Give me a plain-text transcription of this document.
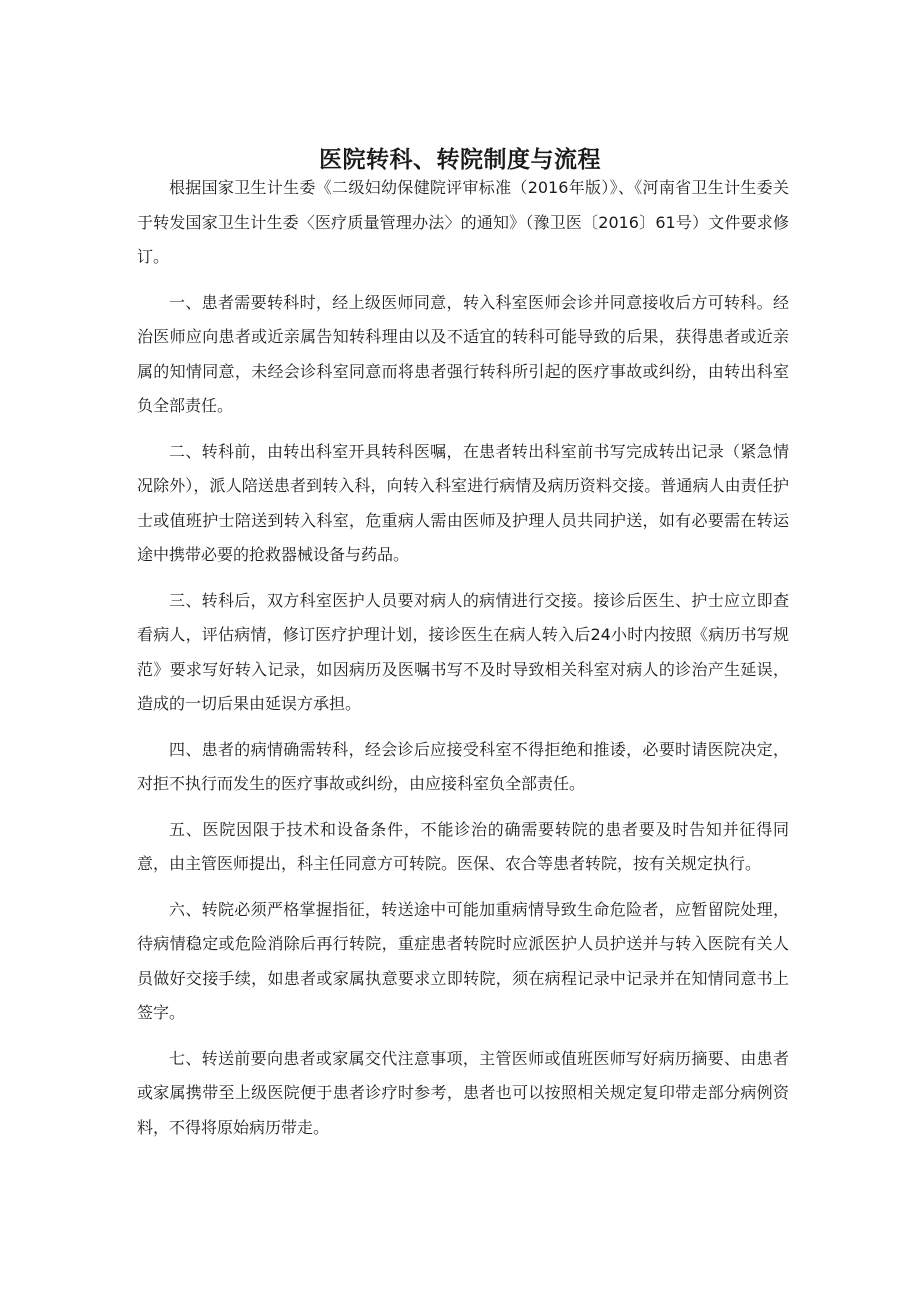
医院转科、转院制度与流程

根据国家卫生计生委《二级妇幼保健院评审标准（2016年版）》、《河南省卫生计生委关于转发国家卫生计生委〈医疗质量管理办法〉的通知》（豫卫医〔2016〕61号）文件要求修订。

一、患者需要转科时，经上级医师同意，转入科室医师会诊并同意接收后方可转科。经治医师应向患者或近亲属告知转科理由以及不适宜的转科可能导致的后果，获得患者或近亲属的知情同意，未经会诊科室同意而将患者强行转科所引起的医疗事故或纠纷，由转出科室负全部责任。

二、转科前，由转出科室开具转科医嘱，在患者转出科室前书写完成转出记录（紧急情况除外），派人陪送患者到转入科，向转入科室进行病情及病历资料交接。普通病人由责任护士或值班护士陪送到转入科室，危重病人需由医师及护理人员共同护送，如有必要需在转运途中携带必要的抢救器械设备与药品。

三、转科后，双方科室医护人员要对病人的病情进行交接。接诊后医生、护士应立即查看病人，评估病情，修订医疗护理计划，接诊医生在病人转入后24小时内按照《病历书写规范》要求写好转入记录，如因病历及医嘱书写不及时导致相关科室对病人的诊治产生延误，造成的一切后果由延误方承担。

四、患者的病情确需转科，经会诊后应接受科室不得拒绝和推诿，必要时请医院决定，对拒不执行而发生的医疗事故或纠纷，由应接科室负全部责任。

五、医院因限于技术和设备条件，不能诊治的确需要转院的患者要及时告知并征得同意，由主管医师提出，科主任同意方可转院。医保、农合等患者转院，按有关规定执行。

六、转院必须严格掌握指征，转送途中可能加重病情导致生命危险者，应暂留院处理，待病情稳定或危险消除后再行转院，重症患者转院时应派医护人员护送并与转入医院有关人员做好交接手续，如患者或家属执意要求立即转院，须在病程记录中记录并在知情同意书上签字。

七、转送前要向患者或家属交代注意事项，主管医师或值班医师写好病历摘要、由患者或家属携带至上级医院便于患者诊疗时参考，患者也可以按照相关规定复印带走部分病例资料，不得将原始病历带走。
